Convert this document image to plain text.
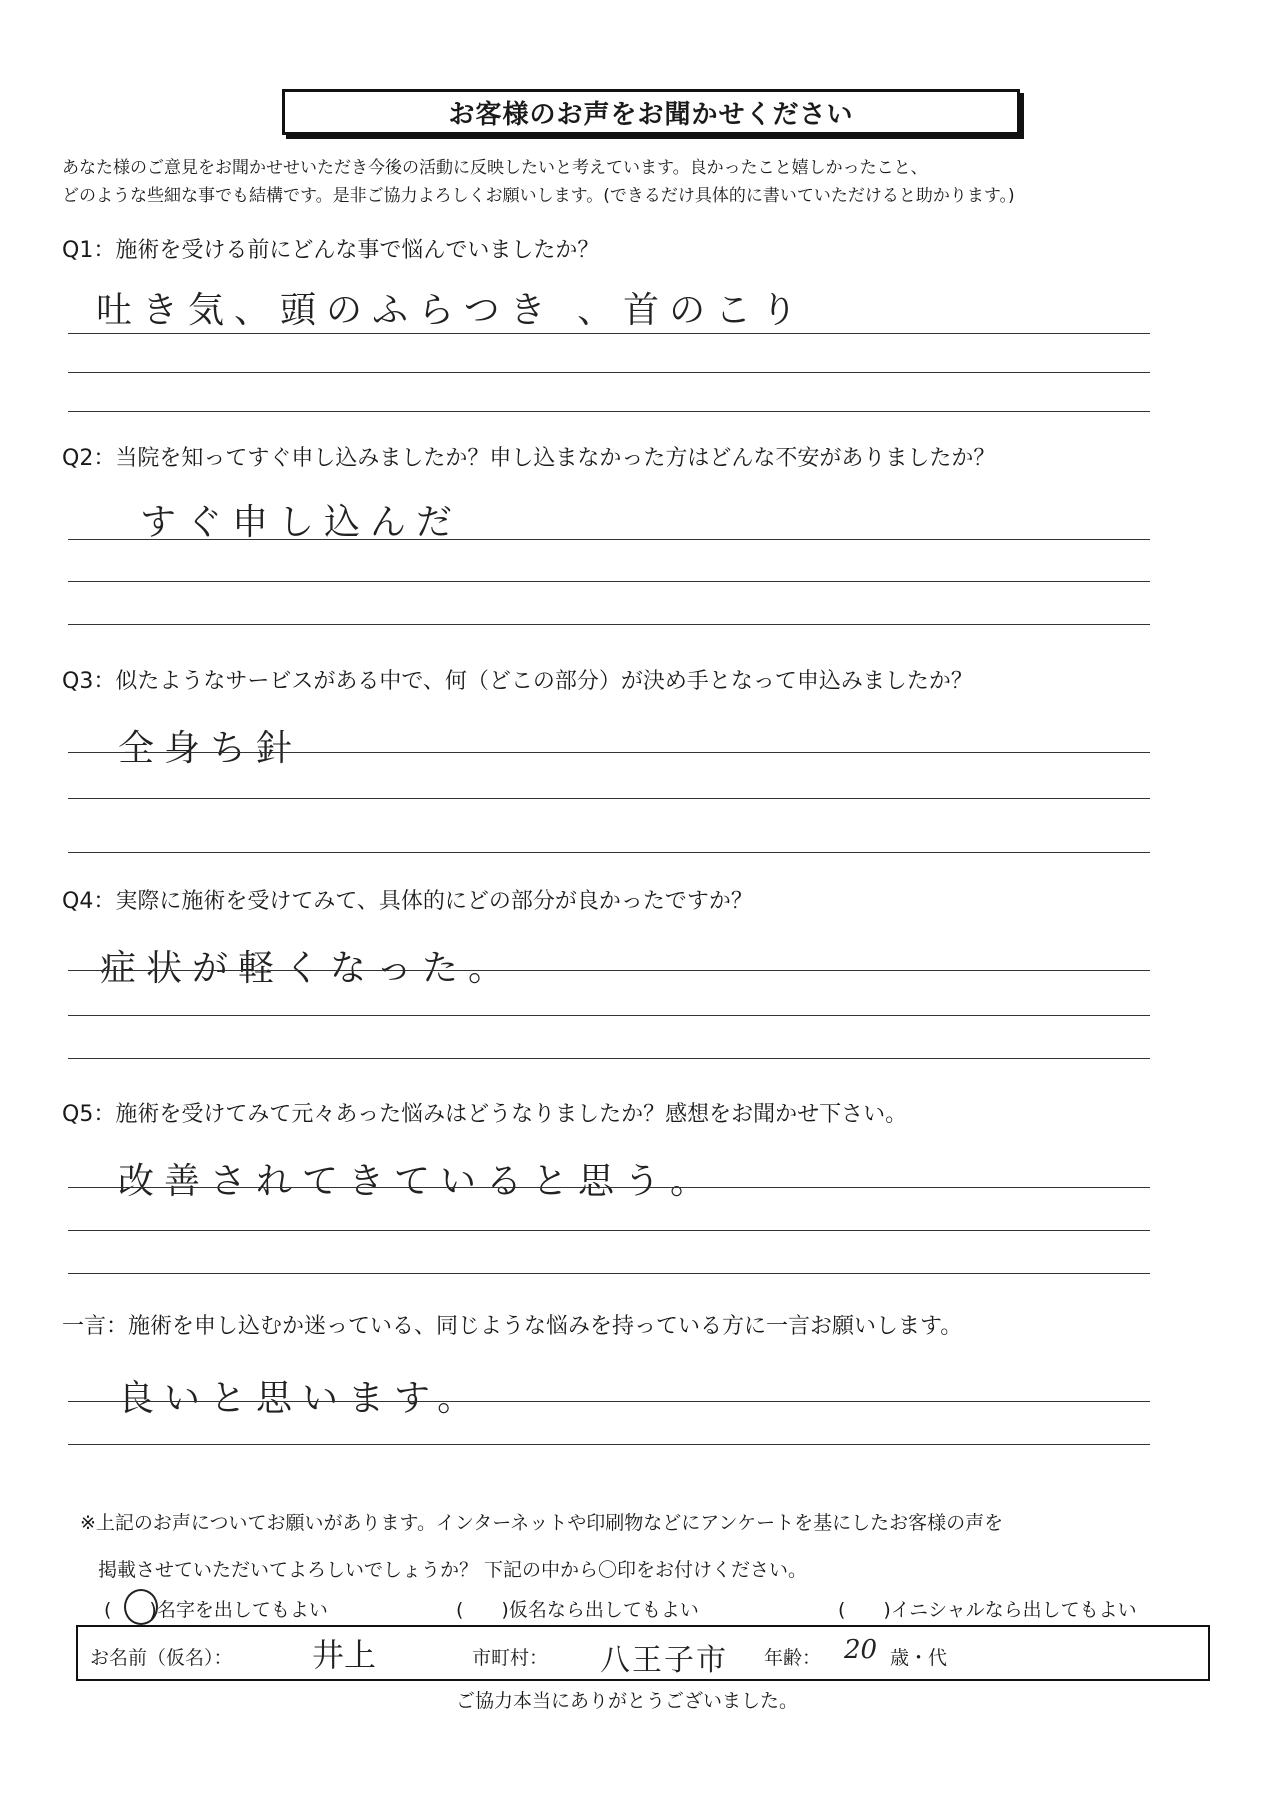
お客様のお声をお聞かせください
あなた様のご意見をお聞かせせいただき今後の活動に反映したいと考えています。良かったこと嬉しかったこと、
どのような些細な事でも結構です。是非ご協力よろしくお願いします。(できるだけ具体的に書いていただけると助かります。)
Q1：施術を受ける前にどんな事で悩んでいましたか？
吐き気、頭のふらつき 、首のこり
Q2：当院を知ってすぐ申し込みましたか？申し込まなかった方はどんな不安がありましたか？
すぐ申し込んだ
Q3：似たようなサービスがある中で、何（どこの部分）が決め手となって申込みましたか？
全身ち針
Q4：実際に施術を受けてみて、具体的にどの部分が良かったですか？
症状が軽くなった。
Q5：施術を受けてみて元々あった悩みはどうなりましたか？感想をお聞かせ下さい。
改善されてきていると思う。
一言：施術を申し込むか迷っている、同じような悩みを持っている方に一言お願いします。
良いと思います。
※上記のお声についてお願いがあります。インターネットや印刷物などにアンケートを基にしたお客様の声を
掲載させていただいてよろしいでしょうか？ 下記の中から〇印をお付けください。
(　　)名字を出してもよい	(　　)仮名なら出してもよい	(　　)イニシャルなら出してもよい
お名前（仮名）： 井上	市町村： 八王子市 年齢： 20 歳・代
ご協力本当にありがとうございました。
